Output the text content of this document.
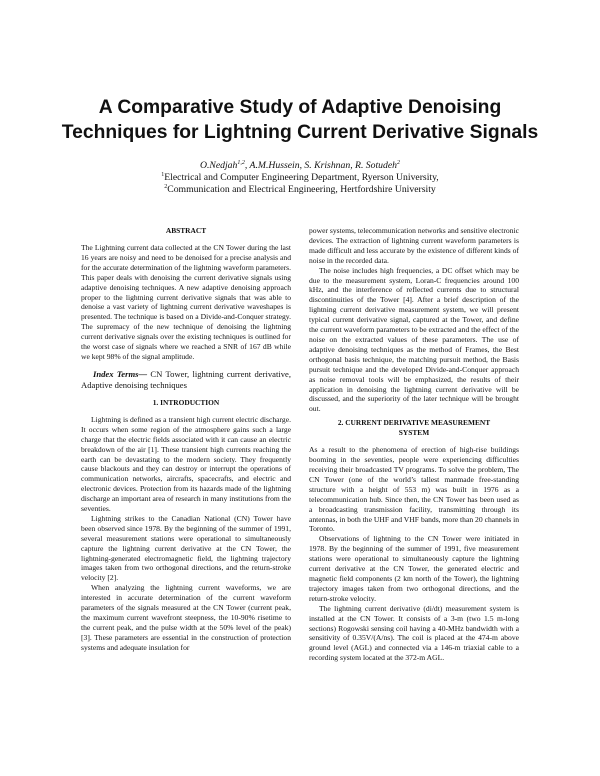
A Comparative Study of Adaptive Denoising
Techniques for Lightning Current Derivative Signals
O.Nedjah$^{1,2}$, A.M.Hussein, S. Krishnan, R. Sotudeh$^2$
$^1$Electrical and Computer Engineering Department, Ryerson University,
$^2$Communication and Electrical Engineering, Hertfordshire University

ABSTRACT

The Lightning current data collected at the CN Tower during the last 16 years are noisy and need to be denoised for a precise analysis and for the accurate determination of the lightning waveform parameters. This paper deals with denoising the current derivative signals using adaptive denoising techniques. A new adaptive denoising approach proper to the lightning current derivative signals that was able to denoise a vast variety of lightning current derivative waveshapes is presented. The technique is based on a Divide-and-Conquer strategy. The supremacy of the new technique of denoising the lightning current derivative signals over the existing techniques is outlined for the worst case of signals where we reached a SNR of 167 dB while we kept 98% of the signal amplitude.

Index Terms— CN Tower, lightning current derivative, Adaptive denoising techniques

1. INTRODUCTION

Lightning is defined as a transient high current electric discharge. It occurs when some region of the atmosphere gains such a large charge that the electric fields associated with it can cause an electric breakdown of the air [1]. These transient high currents reaching the earth can be devastating to the modern society. They frequently cause blackouts and they can destroy or interrupt the operations of communication networks, aircrafts, spacecrafts, and electric and electronic devices. Protection from its hazards made of the lightning discharge an important area of research in many institutions from the seventies.

Lightning strikes to the Canadian National (CN) Tower have been observed since 1978. By the beginning of the summer of 1991, several measurement stations were operational to simultaneously capture the lightning current derivative at the CN Tower, the lightning-generated electromagnetic field, the lightning trajectory images taken from two orthogonal directions, and the return-stroke velocity [2].

When analyzing the lightning current waveforms, we are interested in accurate determination of the current waveform parameters of the signals measured at the CN Tower (current peak, the maximum current wavefront steepness, the 10-90% risetime to the current peak, and the pulse width at the 50% level of the peak) [3]. These parameters are essential in the construction of protection systems and adequate insulation for

power systems, telecommunication networks and sensitive electronic devices. The extraction of lightning current waveform parameters is made difficult and less accurate by the existence of different kinds of noise in the recorded data.

The noise includes high frequencies, a DC offset which may be due to the measurement system, Loran-C frequencies around 100 kHz, and the interference of reflected currents due to structural discontinuities of the Tower [4]. After a brief description of the lightning current derivative measurement system, we will present typical current derivative signal, captured at the Tower, and define the current waveform parameters to be extracted and the effect of the noise on the extracted values of these parameters. The use of adaptive denoising techniques as the method of Frames, the Best orthogonal basis technique, the matching pursuit method, the Basis pursuit technique and the developed Divide-and-Conquer approach as noise removal tools will be emphasized, the results of their application in denoising the lightning current derivative will be discussed, and the superiority of the later technique will be brought out.

2. CURRENT DERIVATIVE MEASUREMENT
SYSTEM

As a result to the phenomena of erection of high-rise buildings booming in the seventies, people were experiencing difficulties receiving their broadcasted TV programs. To solve the problem, The CN Tower (one of the world’s tallest manmade free-standing structure with a height of 553 m) was built in 1976 as a telecommunication hub. Since then, the CN Tower has been used as a broadcasting transmission facility, transmitting through its antennas, in both the UHF and VHF bands, more than 20 channels in Toronto.

Observations of lightning to the CN Tower were initiated in 1978. By the beginning of the summer of 1991, five measurement stations were operational to simultaneously capture the lightning current derivative at the CN Tower, the generated electric and magnetic field components (2 km north of the Tower), the lightning trajectory images taken from two orthogonal directions, and the return-stroke velocity.

The lightning current derivative (di/dt) measurement system is installed at the CN Tower. It consists of a 3-m (two 1.5 m-long sections) Rogowski sensing coil having a 40-MHz bandwidth with a sensitivity of 0.35V/(A/ns). The coil is placed at the 474-m above ground level (AGL) and connected via a 146-m triaxial cable to a recording system located at the 372-m AGL.
